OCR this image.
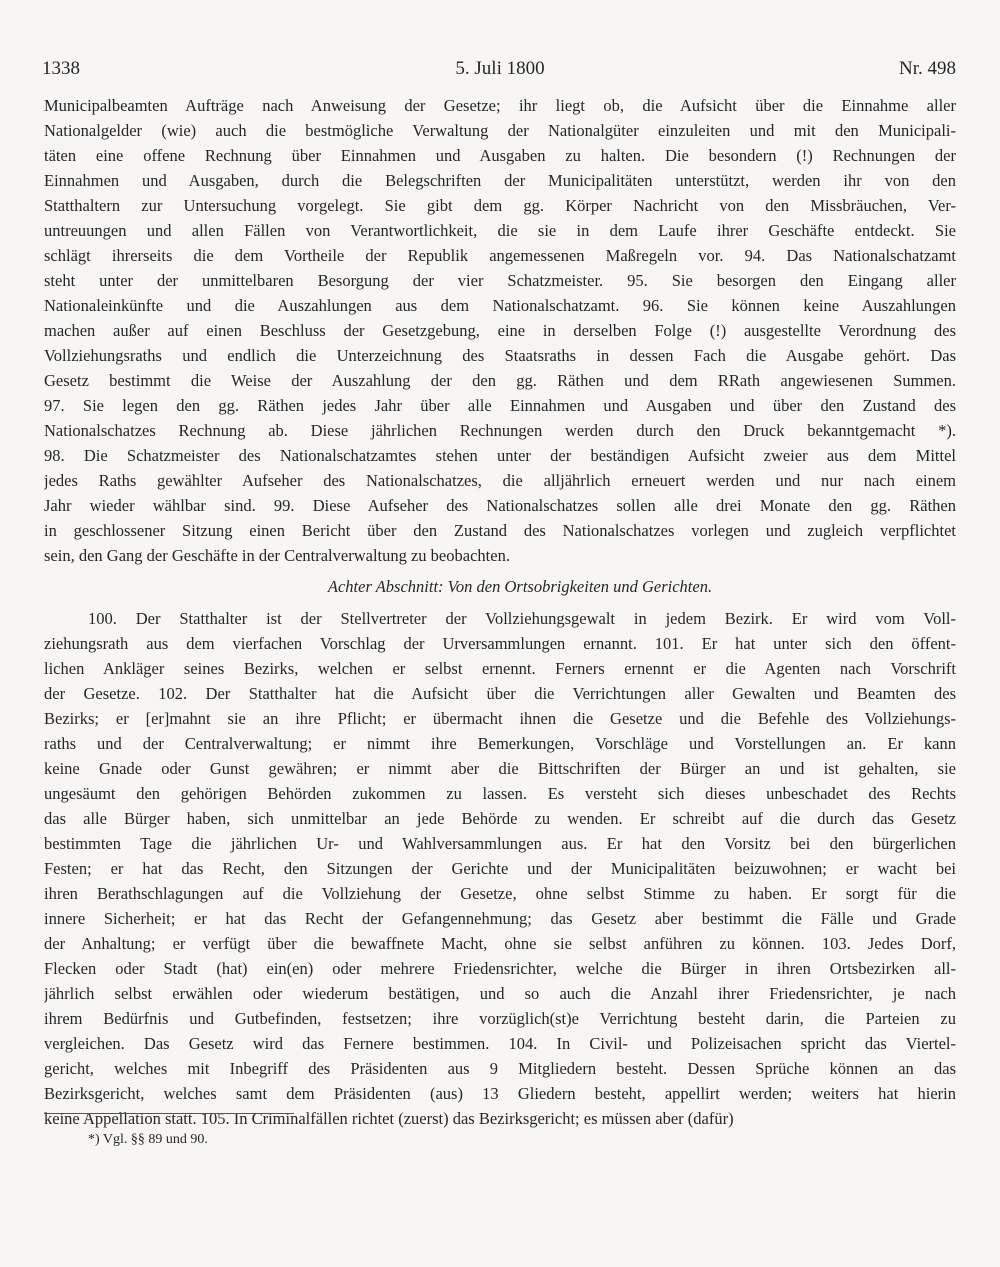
1338	5. Juli 1800	Nr. 498
Municipalbeamten Aufträge nach Anweisung der Gesetze; ihr liegt ob, die Aufsicht über die Einnahme aller
Nationalgelder (wie) auch die bestmögliche Verwaltung der Nationalgüter einzuleiten und mit den Municipali-
täten eine offene Rechnung über Einnahmen und Ausgaben zu halten. Die besondern (!) Rechnungen der
Einnahmen und Ausgaben, durch die Belegschriften der Municipalitäten unterstützt, werden ihr von den
Statthaltern zur Untersuchung vorgelegt. Sie gibt dem gg. Körper Nachricht von den Missbräuchen, Ver-
untreuungen und allen Fällen von Verantwortlichkeit, die sie in dem Laufe ihrer Geschäfte entdeckt. Sie
schlägt ihrerseits die dem Vortheile der Republik angemessenen Maßregeln vor. 94. Das Nationalschatzamt
steht unter der unmittelbaren Besorgung der vier Schatzmeister. 95. Sie besorgen den Eingang aller
Nationaleinkünfte und die Auszahlungen aus dem Nationalschatzamt. 96. Sie können keine Auszahlungen
machen außer auf einen Beschluss der Gesetzgebung, eine in derselben Folge (!) ausgestellte Verordnung des
Vollziehungsraths und endlich die Unterzeichnung des Staatsraths in dessen Fach die Ausgabe gehört. Das
Gesetz bestimmt die Weise der Auszahlung der den gg. Räthen und dem RRath angewiesenen Summen.
97. Sie legen den gg. Räthen jedes Jahr über alle Einnahmen und Ausgaben und über den Zustand des
Nationalschatzes Rechnung ab. Diese jährlichen Rechnungen werden durch den Druck bekanntgemacht *).
98. Die Schatzmeister des Nationalschatzamtes stehen unter der beständigen Aufsicht zweier aus dem Mittel
jedes Raths gewählter Aufseher des Nationalschatzes, die alljährlich erneuert werden und nur nach einem
Jahr wieder wählbar sind. 99. Diese Aufseher des Nationalschatzes sollen alle drei Monate den gg. Räthen
in geschlossener Sitzung einen Bericht über den Zustand des Nationalschatzes vorlegen und zugleich verpflichtet
sein, den Gang der Geschäfte in der Centralverwaltung zu beobachten.
Achter Abschnitt: Von den Ortsobrigkeiten und Gerichten.
100. Der Statthalter ist der Stellvertreter der Vollziehungsgewalt in jedem Bezirk. Er wird vom Voll-
ziehungsrath aus dem vierfachen Vorschlag der Urversammlungen ernannt. 101. Er hat unter sich den öffent-
lichen Ankläger seines Bezirks, welchen er selbst ernennt. Ferners ernennt er die Agenten nach Vorschrift
der Gesetze. 102. Der Statthalter hat die Aufsicht über die Verrichtungen aller Gewalten und Beamten des
Bezirks; er [er]mahnt sie an ihre Pflicht; er übermacht ihnen die Gesetze und die Befehle des Vollziehungs-
raths und der Centralverwaltung; er nimmt ihre Bemerkungen, Vorschläge und Vorstellungen an. Er kann
keine Gnade oder Gunst gewähren; er nimmt aber die Bittschriften der Bürger an und ist gehalten, sie
ungesäumt den gehörigen Behörden zukommen zu lassen. Es versteht sich dieses unbeschadet des Rechts
das alle Bürger haben, sich unmittelbar an jede Behörde zu wenden. Er schreibt auf die durch das Gesetz
bestimmten Tage die jährlichen Ur- und Wahlversammlungen aus. Er hat den Vorsitz bei den bürgerlichen
Festen; er hat das Recht, den Sitzungen der Gerichte und der Municipalitäten beizuwohnen; er wacht bei
ihren Berathschlagungen auf die Vollziehung der Gesetze, ohne selbst Stimme zu haben. Er sorgt für die
innere Sicherheit; er hat das Recht der Gefangennehmung; das Gesetz aber bestimmt die Fälle und Grade
der Anhaltung; er verfügt über die bewaffnete Macht, ohne sie selbst anführen zu können. 103. Jedes Dorf,
Flecken oder Stadt (hat) ein(en) oder mehrere Friedensrichter, welche die Bürger in ihren Ortsbezirken all-
jährlich selbst erwählen oder wiederum bestätigen, und so auch die Anzahl ihrer Friedensrichter, je nach
ihrem Bedürfnis und Gutbefinden, festsetzen; ihre vorzüglich(st)e Verrichtung besteht darin, die Parteien zu
vergleichen. Das Gesetz wird das Fernere bestimmen. 104. In Civil- und Polizeisachen spricht das Viertel-
gericht, welches mit Inbegriff des Präsidenten aus 9 Mitgliedern besteht. Dessen Sprüche können an das
Bezirksgericht, welches samt dem Präsidenten (aus) 13 Gliedern besteht, appellirt werden; weiters hat hierin
keine Appellation statt. 105. In Criminalfällen richtet (zuerst) das Bezirksgericht; es müssen aber (dafür)
*) Vgl. §§ 89 und 90.
